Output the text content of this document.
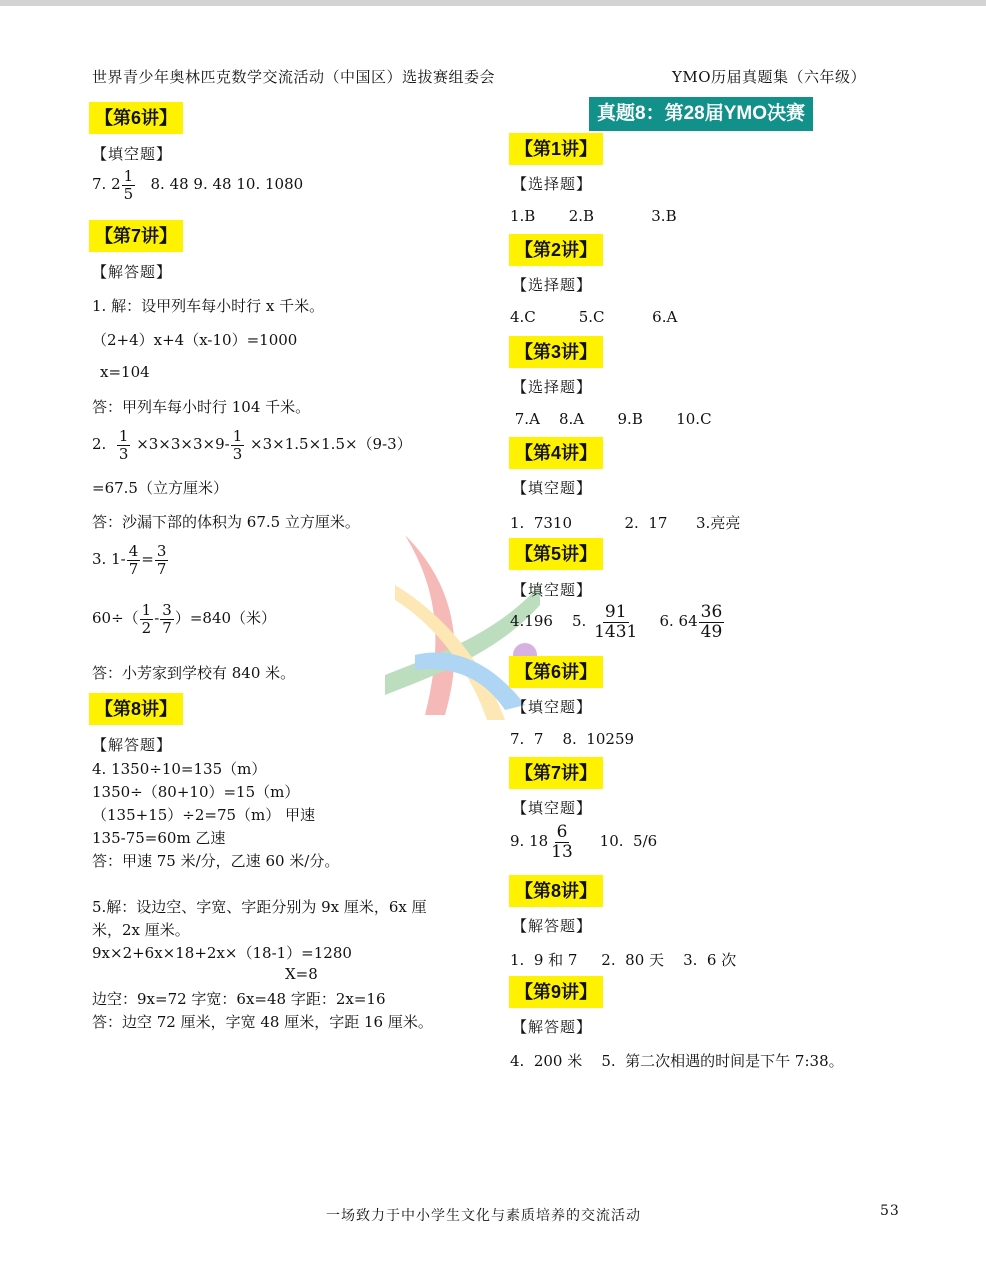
世界青少年奥林匹克数学交流活动（中国区）选拔赛组委会	YMO历届真题集（六年级）
【第6讲】
【填空题】
7. $2 \frac{1}{5} 8$. 48 9. 48 10. 1080
【第7讲】
【解答题】
1. 解：设甲列车每小时行 x 千米。
（2+4）x+4（x-10）=1000
x=104
答：甲列车每小时行 104 千米。
2. $\frac{1}{3} \times 3\times 3\times 3\times 9- \frac{1}{3} \times 3\times 1.5\times 1.5\times(9-3)$
=67.5（立方厘米）
答：沙漏下部的体积为 67.5 立方厘米。
3. $1- \frac{4}{7} = \frac{3}{7}$
$60\div( \frac{1}{2} - \frac{3}{7} )=840$（米）
答：小芳家到学校有 840 米。
【第8讲】
【解答题】
4. 1350÷10=135（m）
1350÷（80+10）=15（m）
（135+15）÷2=75（m） 甲速
135-75=60m 乙速
答：甲速 75 米/分，乙速 60 米/分。
5.解：设边空、字宽、字距分别为 9x 厘米，6x 厘
米，2x 厘米。
9x×2+6x×18+2x×（18-1）=1280
X=8
边空：9x=72 字宽：6x=48 字距：2x=16
答：边空 72 厘米，字宽 48 厘米，字距 16 厘米。
真题8：第28届YMO决赛
【第1讲】
【选择题】
1.B       2.B            3.B
【第2讲】
【选择题】
4.C         5.C          6.A
【第3讲】
【选择题】
7.A    8.A       9.B       10.C
【第4讲】
【填空题】
1.  7310           2.  17      3.亮亮
【第5讲】
【填空题】
4.196    5. $\frac{91}{1431} 6$. $64 \frac{36}{49}$
【第6讲】
【填空题】
7.  7    8.  10259
【第7讲】
【填空题】
9. $18 \frac{6}{13} 10$.  5/6
【第8讲】
【解答题】
1.  9 和 7     2.  80 天    3.  6 次
【第9讲】
【解答题】
4.  200 米    5.  第二次相遇的时间是下午 7:38。
一场致力于中小学生文化与素质培养的交流活动	53
